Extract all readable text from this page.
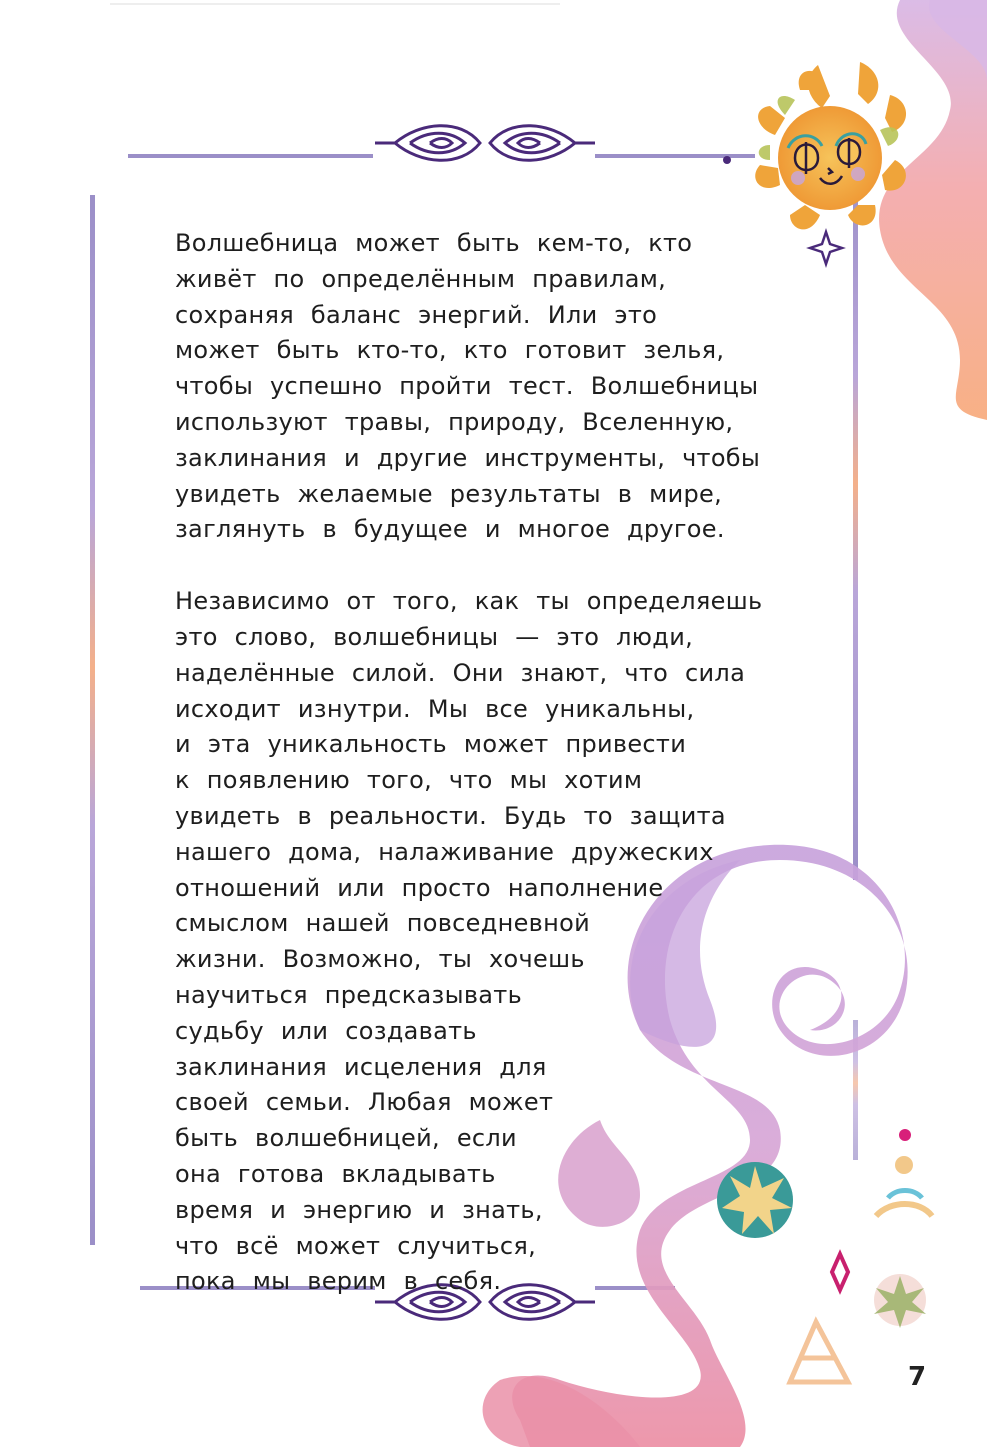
Волшебница может быть кем-то, кто
живёт по определённым правилам,
сохраняя баланс энергий. Или это
может быть кто-то, кто готовит зелья,
чтобы успешно пройти тест. Волшебницы
используют травы, природу, Вселенную,
заклинания и другие инструменты, чтобы
увидеть желаемые результаты в мире,
заглянуть в будущее и многое другое.
Независимо от того, как ты определяешь
это слово, волшебницы — это люди,
наделённые силой. Они знают, что сила
исходит изнутри. Мы все уникальны,
и эта уникальность может привести
к появлению того, что мы хотим
увидеть в реальности. Будь то защита
нашего дома, налаживание дружеских
отношений или просто наполнение
смыслом нашей повседневной
жизни. Возможно, ты хочешь
научиться предсказывать
судьбу или создавать
заклинания исцеления для
своей семьи. Любая может
быть волшебницей, если
она готова вкладывать
время и энергию и знать,
что всё может случиться,
пока мы верим в себя.
7
